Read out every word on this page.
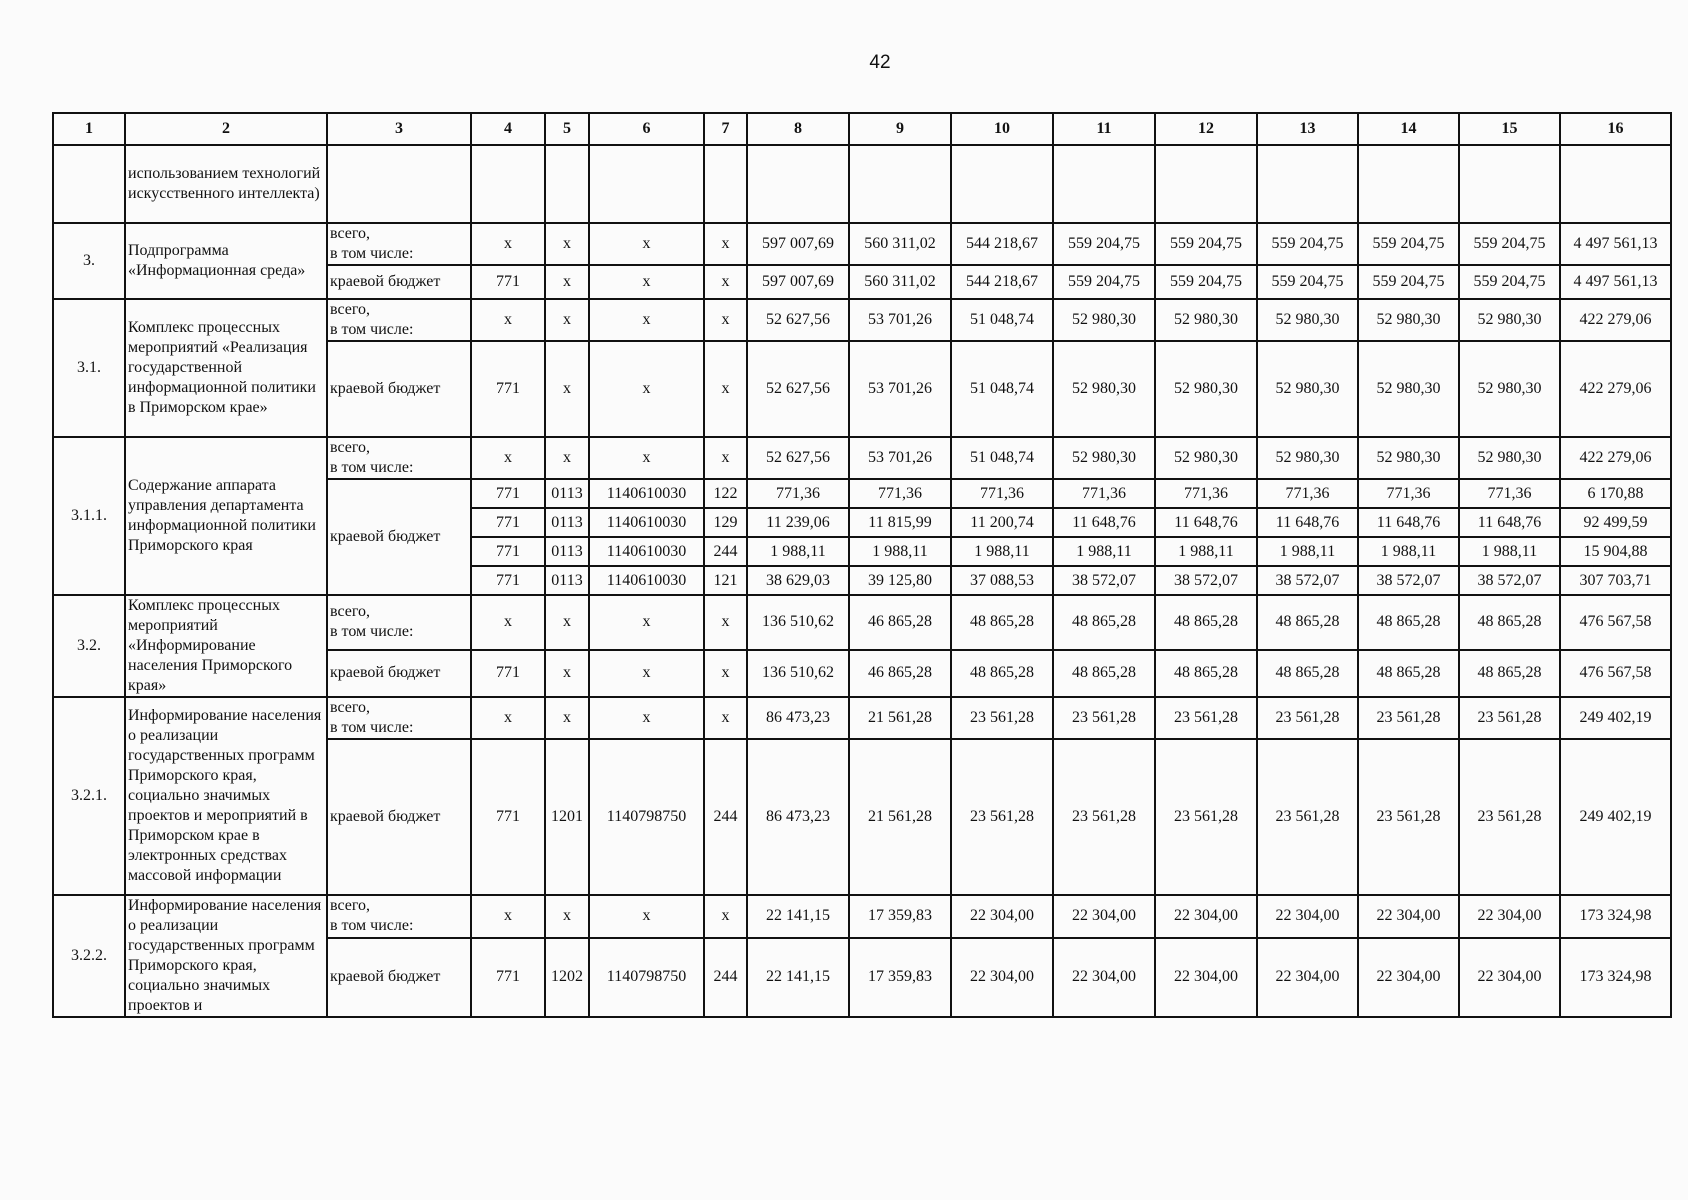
42
1	2	3	4	5	6	7	8	9	10	11	12	13	14	15	16
	использованием технологий искусственного интеллекта)														
3.	Подпрограмма «Информационная среда»	всего,
в том числе:	х	х	х	х	597 007,69	560 311,02	544 218,67	559 204,75	559 204,75	559 204,75	559 204,75	559 204,75	4 497 561,13
		краевой бюджет	771	х	х	х	597 007,69	560 311,02	544 218,67	559 204,75	559 204,75	559 204,75	559 204,75	559 204,75	4 497 561,13
3.1.	Комплекс процессных мероприятий «Реализация государственной информационной политики в Приморском крае»	всего,
в том числе:	х	х	х	х	52 627,56	53 701,26	51 048,74	52 980,30	52 980,30	52 980,30	52 980,30	52 980,30	422 279,06
		краевой бюджет	771	х	х	х	52 627,56	53 701,26	51 048,74	52 980,30	52 980,30	52 980,30	52 980,30	52 980,30	422 279,06
3.1.1.	Содержание аппарата управления департамента информационной политики Приморского края	всего,
в том числе:	х	х	х	х	52 627,56	53 701,26	51 048,74	52 980,30	52 980,30	52 980,30	52 980,30	52 980,30	422 279,06
		краевой бюджет	771	0113	1140610030	122	771,36	771,36	771,36	771,36	771,36	771,36	771,36	771,36	6 170,88
			771	0113	1140610030	129	11 239,06	11 815,99	11 200,74	11 648,76	11 648,76	11 648,76	11 648,76	11 648,76	92 499,59
			771	0113	1140610030	244	1 988,11	1 988,11	1 988,11	1 988,11	1 988,11	1 988,11	1 988,11	1 988,11	15 904,88
			771	0113	1140610030	121	38 629,03	39 125,80	37 088,53	38 572,07	38 572,07	38 572,07	38 572,07	38 572,07	307 703,71
3.2.	Комплекс процессных мероприятий «Информирование населения Приморского края»	всего,
в том числе:	х	х	х	х	136 510,62	46 865,28	48 865,28	48 865,28	48 865,28	48 865,28	48 865,28	48 865,28	476 567,58
		краевой бюджет	771	х	х	х	136 510,62	46 865,28	48 865,28	48 865,28	48 865,28	48 865,28	48 865,28	48 865,28	476 567,58
3.2.1.	Информирование населения о реализации государственных программ Приморского края, социально значимых проектов и мероприятий в Приморском крае в электронных средствах массовой информации	всего,
в том числе:	х	х	х	х	86 473,23	21 561,28	23 561,28	23 561,28	23 561,28	23 561,28	23 561,28	23 561,28	249 402,19
		краевой бюджет	771	1201	1140798750	244	86 473,23	21 561,28	23 561,28	23 561,28	23 561,28	23 561,28	23 561,28	23 561,28	249 402,19
3.2.2.	Информирование населения о реализации государственных программ Приморского края, социально значимых проектов и	всего,
в том числе:	х	х	х	х	22 141,15	17 359,83	22 304,00	22 304,00	22 304,00	22 304,00	22 304,00	22 304,00	173 324,98
		краевой бюджет	771	1202	1140798750	244	22 141,15	17 359,83	22 304,00	22 304,00	22 304,00	22 304,00	22 304,00	22 304,00	173 324,98
